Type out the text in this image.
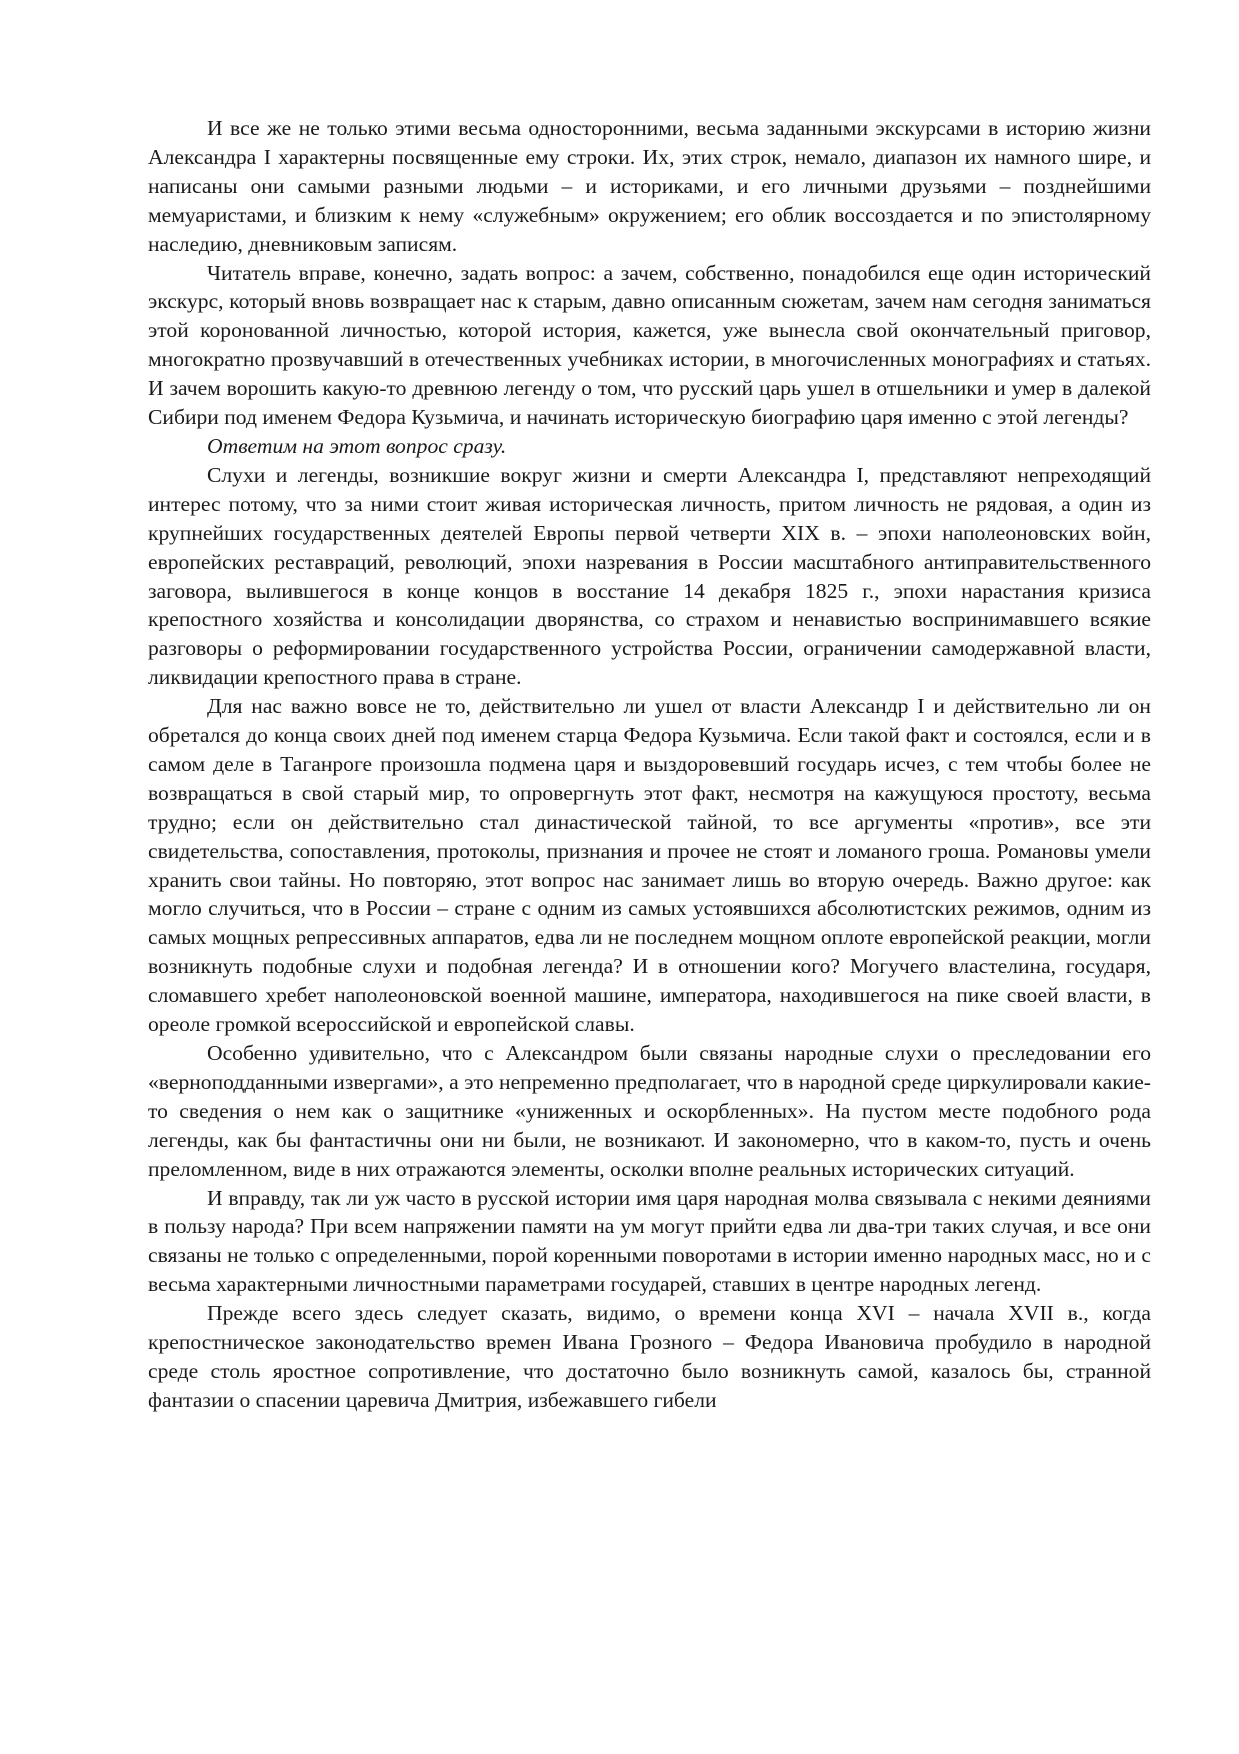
И все же не только этими весьма односторонними, весьма заданными экскурсами в историю жизни Александра I характерны посвященные ему строки. Их, этих строк, немало, диапазон их намного шире, и написаны они самыми разными людьми – и историками, и его личными друзьями – позднейшими мемуаристами, и близким к нему «служебным» окружением; его облик воссоздается и по эпистолярному наследию, дневниковым записям.

Читатель вправе, конечно, задать вопрос: а зачем, собственно, понадобился еще один исторический экскурс, который вновь возвращает нас к старым, давно описанным сюжетам, зачем нам сегодня заниматься этой коронованной личностью, которой история, кажется, уже вынесла свой окончательный приговор, многократно прозвучавший в отечественных учебниках истории, в многочисленных монографиях и статьях. И зачем ворошить какую-то древнюю легенду о том, что русский царь ушел в отшельники и умер в далекой Сибири под именем Федора Кузьмича, и начинать историческую биографию царя именно с этой легенды?

Ответим на этот вопрос сразу.

Слухи и легенды, возникшие вокруг жизни и смерти Александра I, представляют непреходящий интерес потому, что за ними стоит живая историческая личность, притом личность не рядовая, а один из крупнейших государственных деятелей Европы первой четверти XIX в. – эпохи наполеоновских войн, европейских реставраций, революций, эпохи назревания в России масштабного антиправительственного заговора, вылившегося в конце концов в восстание 14 декабря 1825 г., эпохи нарастания кризиса крепостного хозяйства и консолидации дворянства, со страхом и ненавистью воспринимавшего всякие разговоры о реформировании государственного устройства России, ограничении самодержавной власти, ликвидации крепостного права в стране.

Для нас важно вовсе не то, действительно ли ушел от власти Александр I и действительно ли он обретался до конца своих дней под именем старца Федора Кузьмича. Если такой факт и состоялся, если и в самом деле в Таганроге произошла подмена царя и выздоровевший государь исчез, с тем чтобы более не возвращаться в свой старый мир, то опровергнуть этот факт, несмотря на кажущуюся простоту, весьма трудно; если он действительно стал династической тайной, то все аргументы «против», все эти свидетельства, сопоставления, протоколы, признания и прочее не стоят и ломаного гроша. Романовы умели хранить свои тайны. Но повторяю, этот вопрос нас занимает лишь во вторую очередь. Важно другое: как могло случиться, что в России – стране с одним из самых устоявшихся абсолютистских режимов, одним из самых мощных репрессивных аппаратов, едва ли не последнем мощном оплоте европейской реакции, могли возникнуть подобные слухи и подобная легенда? И в отношении кого? Могучего властелина, государя, сломавшего хребет наполеоновской военной машине, императора, находившегося на пике своей власти, в ореоле громкой всероссийской и европейской славы.

Особенно удивительно, что с Александром были связаны народные слухи о преследовании его «верноподданными извергами», а это непременно предполагает, что в народной среде циркулировали какие-то сведения о нем как о защитнике «униженных и оскорбленных». На пустом месте подобного рода легенды, как бы фантастичны они ни были, не возникают. И закономерно, что в каком-то, пусть и очень преломленном, виде в них отражаются элементы, осколки вполне реальных исторических ситуаций.

И вправду, так ли уж часто в русской истории имя царя народная молва связывала с некими деяниями в пользу народа? При всем напряжении памяти на ум могут прийти едва ли два-три таких случая, и все они связаны не только с определенными, порой коренными поворотами в истории именно народных масс, но и с весьма характерными личностными параметрами государей, ставших в центре народных легенд.

Прежде всего здесь следует сказать, видимо, о времени конца XVI – начала XVII в., когда крепостническое законодательство времен Ивана Грозного – Федора Ивановича пробудило в народной среде столь яростное сопротивление, что достаточно было возникнуть самой, казалось бы, странной фантазии о спасении царевича Дмитрия, избежавшего гибели
